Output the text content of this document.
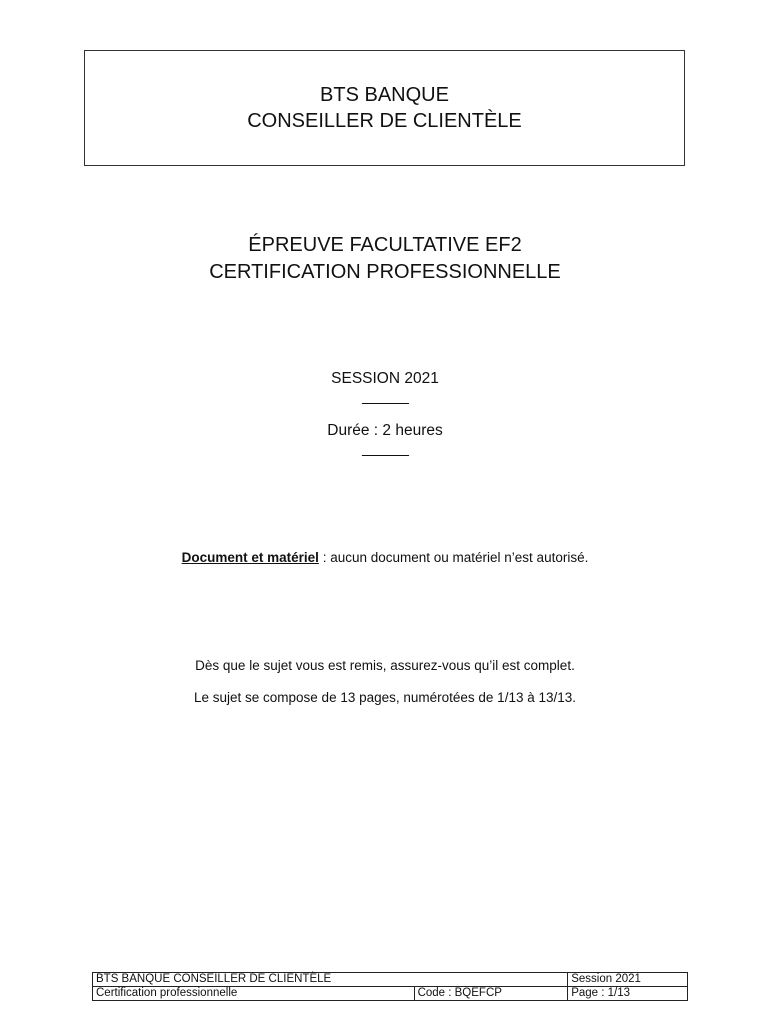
BTS BANQUE
CONSEILLER DE CLIENTÈLE
ÉPREUVE FACULTATIVE EF2
CERTIFICATION PROFESSIONNELLE
SESSION 2021
______
Durée : 2 heures
______
Document et matériel : aucun document ou matériel n’est autorisé.
Dès que le sujet vous est remis, assurez-vous qu’il est complet.
Le sujet se compose de 13 pages, numérotées de 1/13 à 13/13.
BTS BANQUE CONSEILLER DE CLIENTÈLE		Session 2021
Certification professionnelle	Code : BQEFCP	Page : 1/13
